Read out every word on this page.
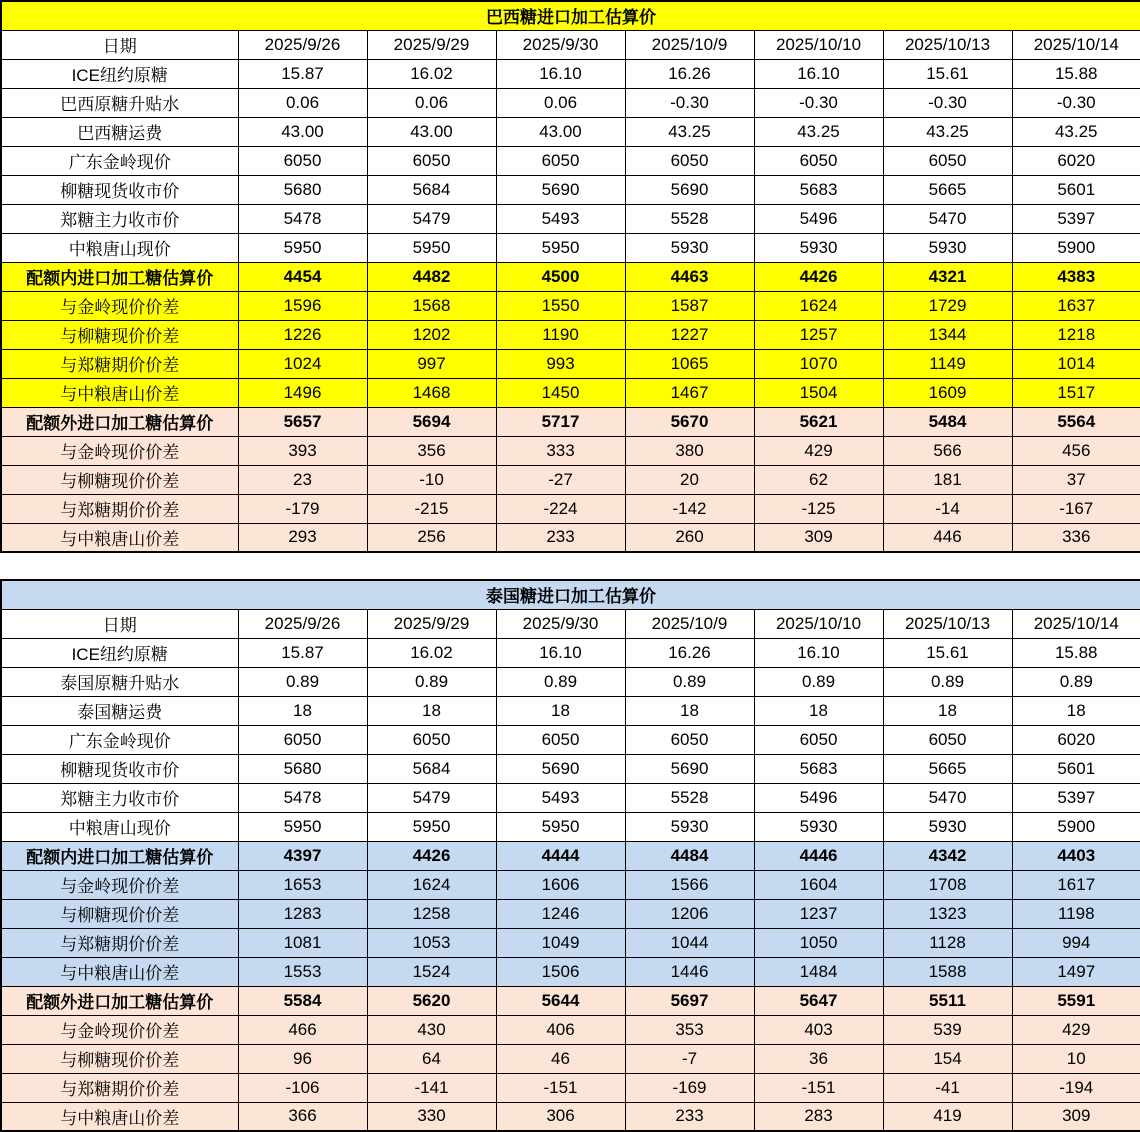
巴西糖进口加工估算价							
日期	2025/9/26	2025/9/29	2025/9/30	2025/10/9	2025/10/10	2025/10/13	2025/10/14
ICE纽约原糖	15.87	16.02	16.10	16.26	16.10	15.61	15.88
巴西原糖升贴水	0.06	0.06	0.06	-0.30	-0.30	-0.30	-0.30
巴西糖运费	43.00	43.00	43.00	43.25	43.25	43.25	43.25
广东金岭现价	6050	6050	6050	6050	6050	6050	6020
柳糖现货收市价	5680	5684	5690	5690	5683	5665	5601
郑糖主力收市价	5478	5479	5493	5528	5496	5470	5397
中粮唐山现价	5950	5950	5950	5930	5930	5930	5900
配额内进口加工糖估算价	4454	4482	4500	4463	4426	4321	4383
与金岭现价价差	1596	1568	1550	1587	1624	1729	1637
与柳糖现价价差	1226	1202	1190	1227	1257	1344	1218
与郑糖期价价差	1024	997	993	1065	1070	1149	1014
与中粮唐山价差	1496	1468	1450	1467	1504	1609	1517
配额外进口加工糖估算价	5657	5694	5717	5670	5621	5484	5564
与金岭现价价差	393	356	333	380	429	566	456
与柳糖现价价差	23	-10	-27	20	62	181	37
与郑糖期价价差	-179	-215	-224	-142	-125	-14	-167
与中粮唐山价差	293	256	233	260	309	446	336
泰国糖进口加工估算价							
日期	2025/9/26	2025/9/29	2025/9/30	2025/10/9	2025/10/10	2025/10/13	2025/10/14
ICE纽约原糖	15.87	16.02	16.10	16.26	16.10	15.61	15.88
泰国原糖升贴水	0.89	0.89	0.89	0.89	0.89	0.89	0.89
泰国糖运费	18	18	18	18	18	18	18
广东金岭现价	6050	6050	6050	6050	6050	6050	6020
柳糖现货收市价	5680	5684	5690	5690	5683	5665	5601
郑糖主力收市价	5478	5479	5493	5528	5496	5470	5397
中粮唐山现价	5950	5950	5950	5930	5930	5930	5900
配额内进口加工糖估算价	4397	4426	4444	4484	4446	4342	4403
与金岭现价价差	1653	1624	1606	1566	1604	1708	1617
与柳糖现价价差	1283	1258	1246	1206	1237	1323	1198
与郑糖期价价差	1081	1053	1049	1044	1050	1128	994
与中粮唐山价差	1553	1524	1506	1446	1484	1588	1497
配额外进口加工糖估算价	5584	5620	5644	5697	5647	5511	5591
与金岭现价价差	466	430	406	353	403	539	429
与柳糖现价价差	96	64	46	-7	36	154	10
与郑糖期价价差	-106	-141	-151	-169	-151	-41	-194
与中粮唐山价差	366	330	306	233	283	419	309
